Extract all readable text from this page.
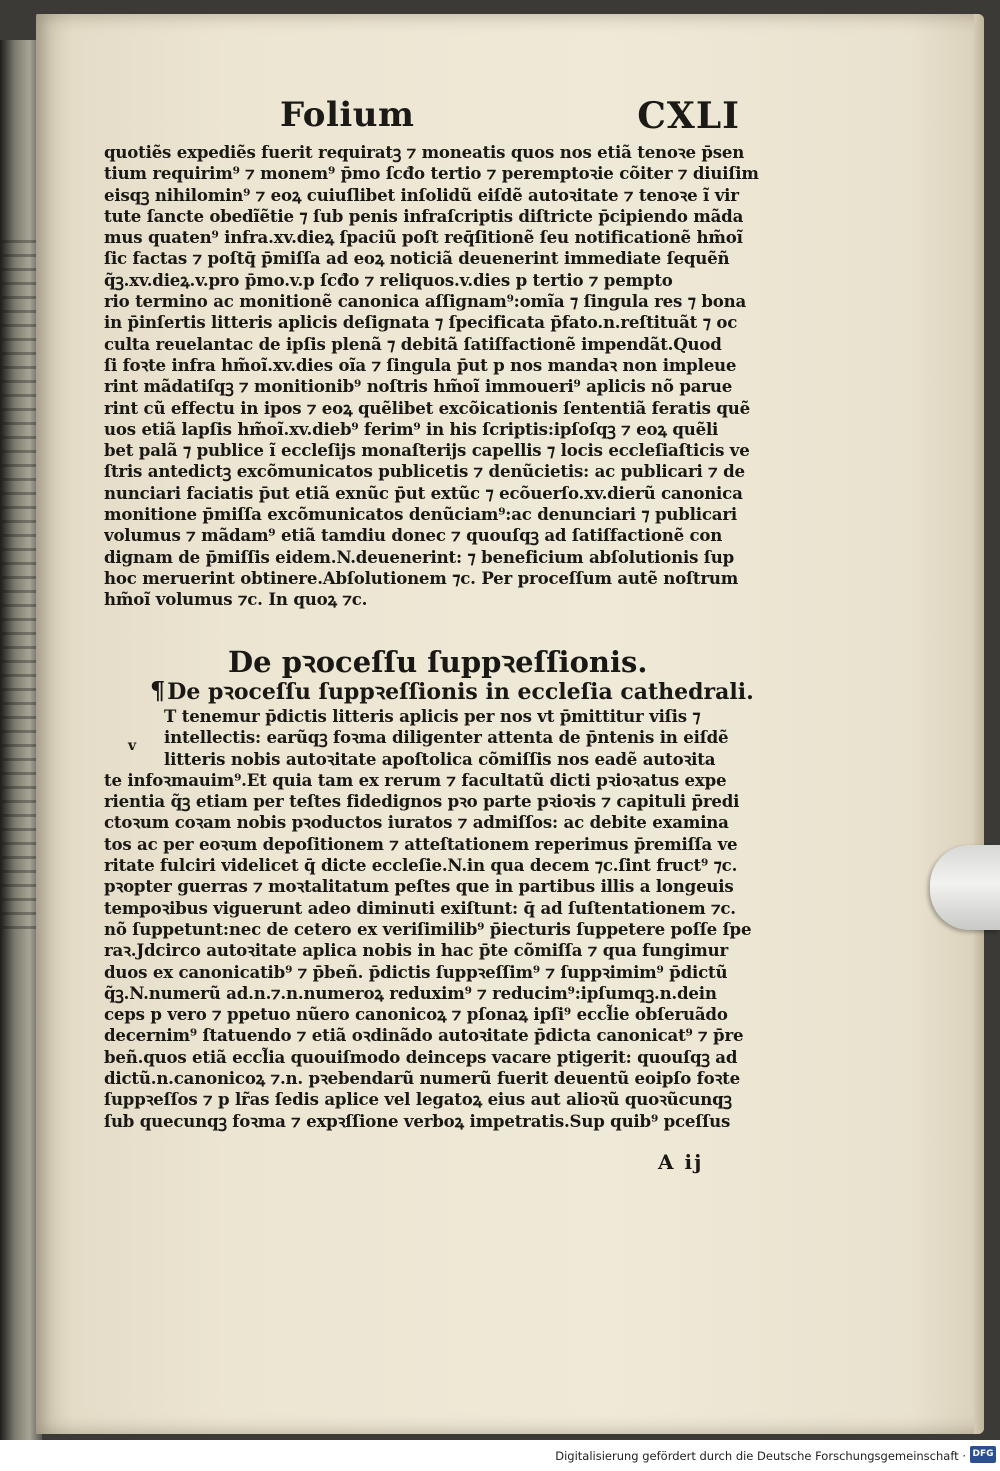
Folium	CXLI
quotiẽs expediẽs fuerit requiratꝫ ⁊ moneatis quos nos etiã tenoꝛe p̄sen
tium requirim⁹ ⁊ monem⁹ p̄mo ſcđo tertio ⁊ peremptoꝛie cõiter ⁊ diuiſim
eisqꝫ nihilomin⁹ ⁊ eoꝝ cuiuſlibet inſolidũ eiſdẽ autoꝛitate ⁊ tenoꝛe ĩ vir
tute ſancte obedĩẽtie ⁊ ſub penis infraſcriptis diſtricte p̄cipiendo mãda
mus quaten⁹ infra.xv.dieꝝ ſpaciũ poſt req̄ſitionẽ ſeu notificationẽ hm̃oĩ
ſic factas ⁊ poſtq̄ p̄miſſa ad eoꝝ noticiã deuenerint immediate ſequẽñ
q̃ꝫ.xv.dieꝝ.v.pro p̄mo.v.p ſcđo ⁊ reliquos.v.dies p tertio ⁊ pempto
rio termino ac monitionẽ canonica aſſignam⁹:omĩa ⁊ ſingula res ⁊ bona
in p̄inſertis litteris aplicis deſignata ⁊ ſpecificata p̄fato.n.reſtituãt ⁊ oc
culta reuelantac de ipſis plenã ⁊ debitã ſatiſfactionẽ impendãt.Quod
ſi foꝛte infra hm̃oĩ.xv.dies oĩa ⁊ ſingula p̄ut p nos mandaꝛ non impleue
rint mãdatiſqꝫ ⁊ monitionib⁹ noſtris hm̃oĩ immoueri⁹ aplicis nõ parue
rint cũ effectu in ipos ⁊ eoꝝ quẽlibet excõicationis ſententiã feratis quẽ
uos etiã lapſis hm̃oĩ.xv.dieb⁹ ferim⁹ in his ſcriptis:ipſoſqꝫ ⁊ eoꝝ quẽli
bet palã ⁊ publice ĩ eccleſijs monaſterijs capellis ⁊ locis eccleſiaſticis ve
ſtris antedictꝫ excõmunicatos publicetis ⁊ denũcietis: ac publicari ⁊ de
nunciari faciatis p̄ut etiã exnũc p̄ut extũc ⁊ ecõuerſo.xv.dierũ canonica
monitione p̄miſſa excõmunicatos denũciam⁹:ac denunciari ⁊ publicari
volumus ⁊ mãdam⁹ etiã tamdiu donec ⁊ quouſqꝫ ad ſatiſfactionẽ con
dignam de p̄miſſis eidem.N.deuenerint: ⁊ beneficium abſolutionis ſup
hoc meruerint obtinere.Abſolutionem ⁊c. Per proceſſum autẽ noſtrum
hm̃oĩ volumus ⁊c. In quoꝝ ⁊c.
De pꝛoceſſu ſuppꝛeſſionis.
¶De pꝛoceſſu ſuppꝛeſſionis in eccleſia cathedrali.
v
T tenemur p̄dictis litteris aplicis per nos vt p̄mittitur viſis ⁊
intellectis: earũqꝫ foꝛma diligenter attenta de p̄ntenis in eiſdẽ
litteris nobis autoꝛitate apoſtolica cõmiſſis nos eadẽ autoꝛita
te infoꝛmauim⁹.Et quia tam ex rerum ⁊ facultatũ dicti pꝛioꝛatus expe
rientia q̃ꝫ etiam per teſtes fidedignos pꝛo parte pꝛioꝛis ⁊ capituli p̄redi
ctoꝛum coꝛam nobis pꝛoductos iuratos ⁊ admiſſos: ac debite examina
tos ac per eoꝛum depoſitionem ⁊ atteſtationem reperimus p̄remiſſa ve
ritate fulciri videlicet q̄ dicte eccleſie.N.in qua decem ⁊c.ſint fruct⁹ ⁊c.
pꝛopter guerras ⁊ moꝛtalitatum peſtes que in partibus illis a longeuis
tempoꝛibus viguerunt adeo diminuti exiſtunt: q̄ ad ſuſtentationem ⁊c.
nõ ſuppetunt:nec de cetero ex veriſimilib⁹ p̄iecturis ſuppetere poſſe ſpe
raꝛ.Jdcirco autoꝛitate aplica nobis in hac p̄te cõmiſſa ⁊ qua fungimur
duos ex canonicatib⁹ ⁊ p̄beñ. p̄dictis ſuppꝛeſſim⁹ ⁊ ſuppꝛimim⁹ p̄dictũ
q̃ꝫ.N.numerũ ad.n.⁊.n.numeroꝝ reduxim⁹ ⁊ reducim⁹:ipſumqꝫ.n.dein
ceps p vero ⁊ ppetuo nũero canonicoꝝ ⁊ pſonaꝝ ipſi⁹ eccl̃ie obſeruãdo
decernim⁹ ſtatuendo ⁊ etiã oꝛdinãdo autoꝛitate p̄dicta canonicat⁹ ⁊ p̄re
beñ.quos etiã eccl̃ia quouiſmodo deinceps vacare ptigerit: quouſqꝫ ad
dictũ.n.canonicoꝝ ⁊.n. pꝛebendarũ numerũ fuerit deuentũ eoipſo foꝛte
ſuppꝛeſſos ⁊ p lr̃as ſedis aplice vel legatoꝝ eius aut alioꝛũ quoꝛũcunqꝫ
ſub quecunqꝫ foꝛma ⁊ expꝛſſione verboꝝ impetratis.Sup quib⁹ pceſſus
A ij
Digitalisierung gefördert durch die Deutsche Forschungsgemeinschaft · DFG
